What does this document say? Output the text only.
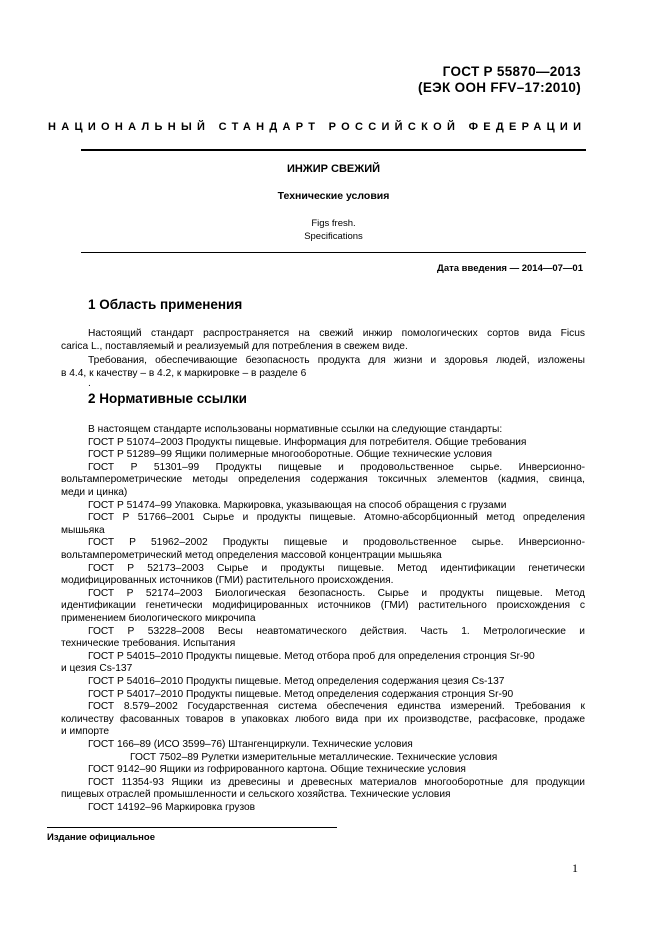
ГОСТ Р 55870—2013
(ЕЭК ООН FFV–17:2010)
НАЦИОНАЛЬНЫЙ СТАНДАРТ РОССИЙСКОЙ ФЕДЕРАЦИИ
ИНЖИР СВЕЖИЙ
Технические условия
Figs fresh.
Specifications
Дата введения — 2014—07—01
1 Область применения
Настоящий стандарт распространяется на свежий инжир помологических сортов вида Ficus
carica L., поставляемый и реализуемый для потребления в свежем виде.
Требования, обеспечивающие безопасность продукта для жизни и здоровья людей, изложены
в 4.4, к качеству – в 4.2, к маркировке – в разделе 6
.
2 Нормативные ссылки
В настоящем стандарте использованы нормативные ссылки на следующие стандарты:
ГОСТ Р 51074–2003 Продукты пищевые. Информация для потребителя. Общие требования
ГОСТ Р 51289–99 Ящики полимерные многооборотные. Общие технические условия
ГОСТ Р 51301–99 Продукты пищевые и продовольственное сырье. Инверсионно-
вольтамперометрические методы определения содержания токсичных элементов (кадмия, свинца,
меди и цинка)
ГОСТ Р 51474–99 Упаковка. Маркировка, указывающая на способ обращения с грузами
ГОСТ Р 51766–2001 Сырье и продукты пищевые. Атомно-абсорбционный метод определения
мышьяка
ГОСТ Р 51962–2002 Продукты пищевые и продовольственное сырье. Инверсионно-
вольтамперометрический метод определения массовой концентрации мышьяка
ГОСТ Р 52173–2003 Сырье и продукты пищевые. Метод идентификации генетически
модифицированных источников (ГМИ) растительного происхождения.
ГОСТ Р 52174–2003 Биологическая безопасность. Сырье и продукты пищевые. Метод
идентификации генетически модифицированных источников (ГМИ) растительного происхождения с
применением биологического микрочипа
ГОСТ Р 53228–2008 Весы неавтоматического действия. Часть 1. Метрологические и
технические требования. Испытания
ГОСТ Р 54015–2010 Продукты пищевые. Метод отбора проб для определения стронция Sr-90
и цезия Cs-137
ГОСТ Р 54016–2010 Продукты пищевые. Метод определения содержания цезия Cs-137
ГОСТ Р 54017–2010 Продукты пищевые. Метод определения содержания стронция Sr-90
ГОСТ 8.579–2002 Государственная система обеспечения единства измерений. Требования к
количеству фасованных товаров в упаковках любого вида при их производстве, расфасовке, продаже
и импорте
ГОСТ 166–89 (ИСО 3599–76) Штангенциркули. Технические условия
ГОСТ 7502–89 Рулетки измерительные металлические. Технические условия
ГОСТ 9142–90 Ящики из гофрированного картона. Общие технические условия
ГОСТ 11354-93 Ящики из древесины и древесных материалов многооборотные для продукции
пищевых отраслей промышленности и сельского хозяйства. Технические условия
ГОСТ 14192–96 Маркировка грузов
Издание официальное
1
